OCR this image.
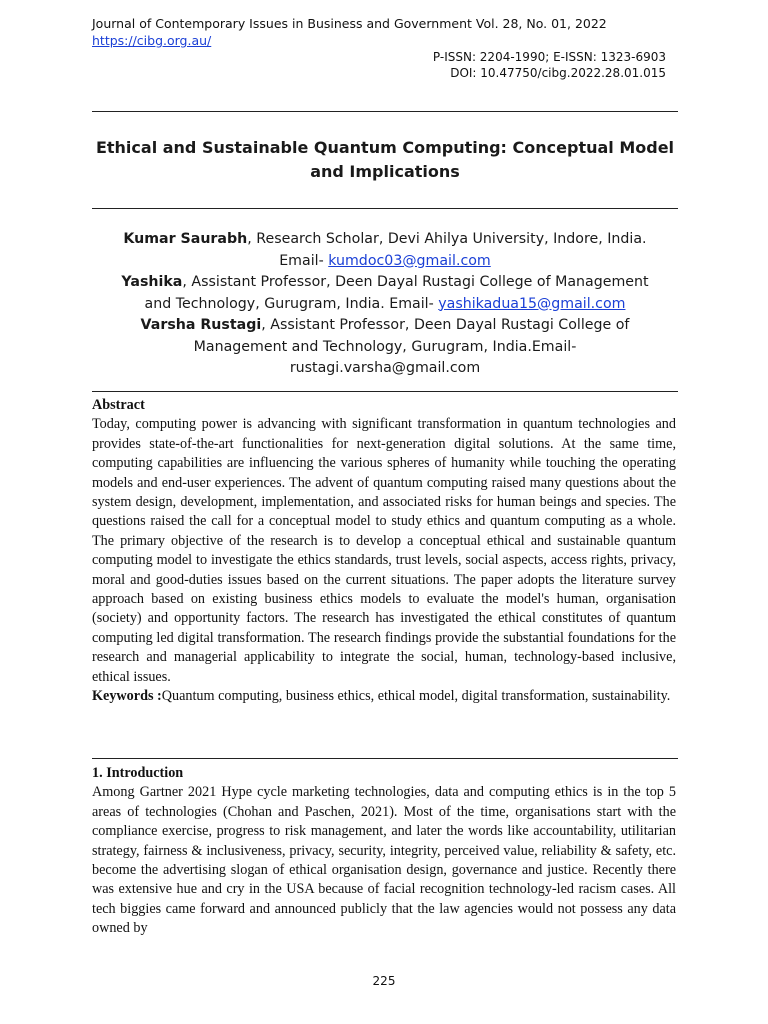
Journal of Contemporary Issues in Business and Government Vol. 28, No. 01, 2022
https://cibg.org.au/
P-ISSN: 2204-1990; E-ISSN: 1323-6903
DOI: 10.47750/cibg.2022.28.01.015
Ethical and Sustainable Quantum Computing: Conceptual Model
and Implications
Kumar Saurabh, Research Scholar, Devi Ahilya University, Indore, India.
Email- kumdoc03@gmail.com
Yashika, Assistant Professor, Deen Dayal Rustagi College of Management and Technology, Gurugram, India. Email- yashikadua15@gmail.com
Varsha Rustagi, Assistant Professor, Deen Dayal Rustagi College of Management and Technology, Gurugram, India.Email- rustagi.varsha@gmail.com
Abstract

Today, computing power is advancing with significant transformation in quantum technologies and provides state-of-the-art functionalities for next-generation digital solutions. At the same time, computing capabilities are influencing the various spheres of humanity while touching the operating models and end-user experiences. The advent of quantum computing raised many questions about the system design, development, implementation, and associated risks for human beings and species. The questions raised the call for a conceptual model to study ethics and quantum computing as a whole. The primary objective of the research is to develop a conceptual ethical and sustainable quantum computing model to investigate the ethics standards, trust levels, social aspects, access rights, privacy, moral and good-duties issues based on the current situations. The paper adopts the literature survey approach based on existing business ethics models to evaluate the model's human, organisation (society) and opportunity factors. The research has investigated the ethical constitutes of quantum computing led digital transformation. The research findings provide the substantial foundations for the research and managerial applicability to integrate the social, human, technology-based inclusive, ethical issues.

Keywords :Quantum computing, business ethics, ethical model, digital transformation, sustainability.

1. Introduction

Among Gartner 2021 Hype cycle marketing technologies, data and computing ethics is in the top 5 areas of technologies (Chohan and Paschen, 2021). Most of the time, organisations start with the compliance exercise, progress to risk management, and later the words like accountability, utilitarian strategy, fairness & inclusiveness, privacy, security, integrity, perceived value, reliability & safety, etc. become the advertising slogan of ethical organisation design, governance and justice. Recently there was extensive hue and cry in the USA because of facial recognition technology-led racism cases. All tech biggies came forward and announced publicly that the law agencies would not possess any data owned by

225
